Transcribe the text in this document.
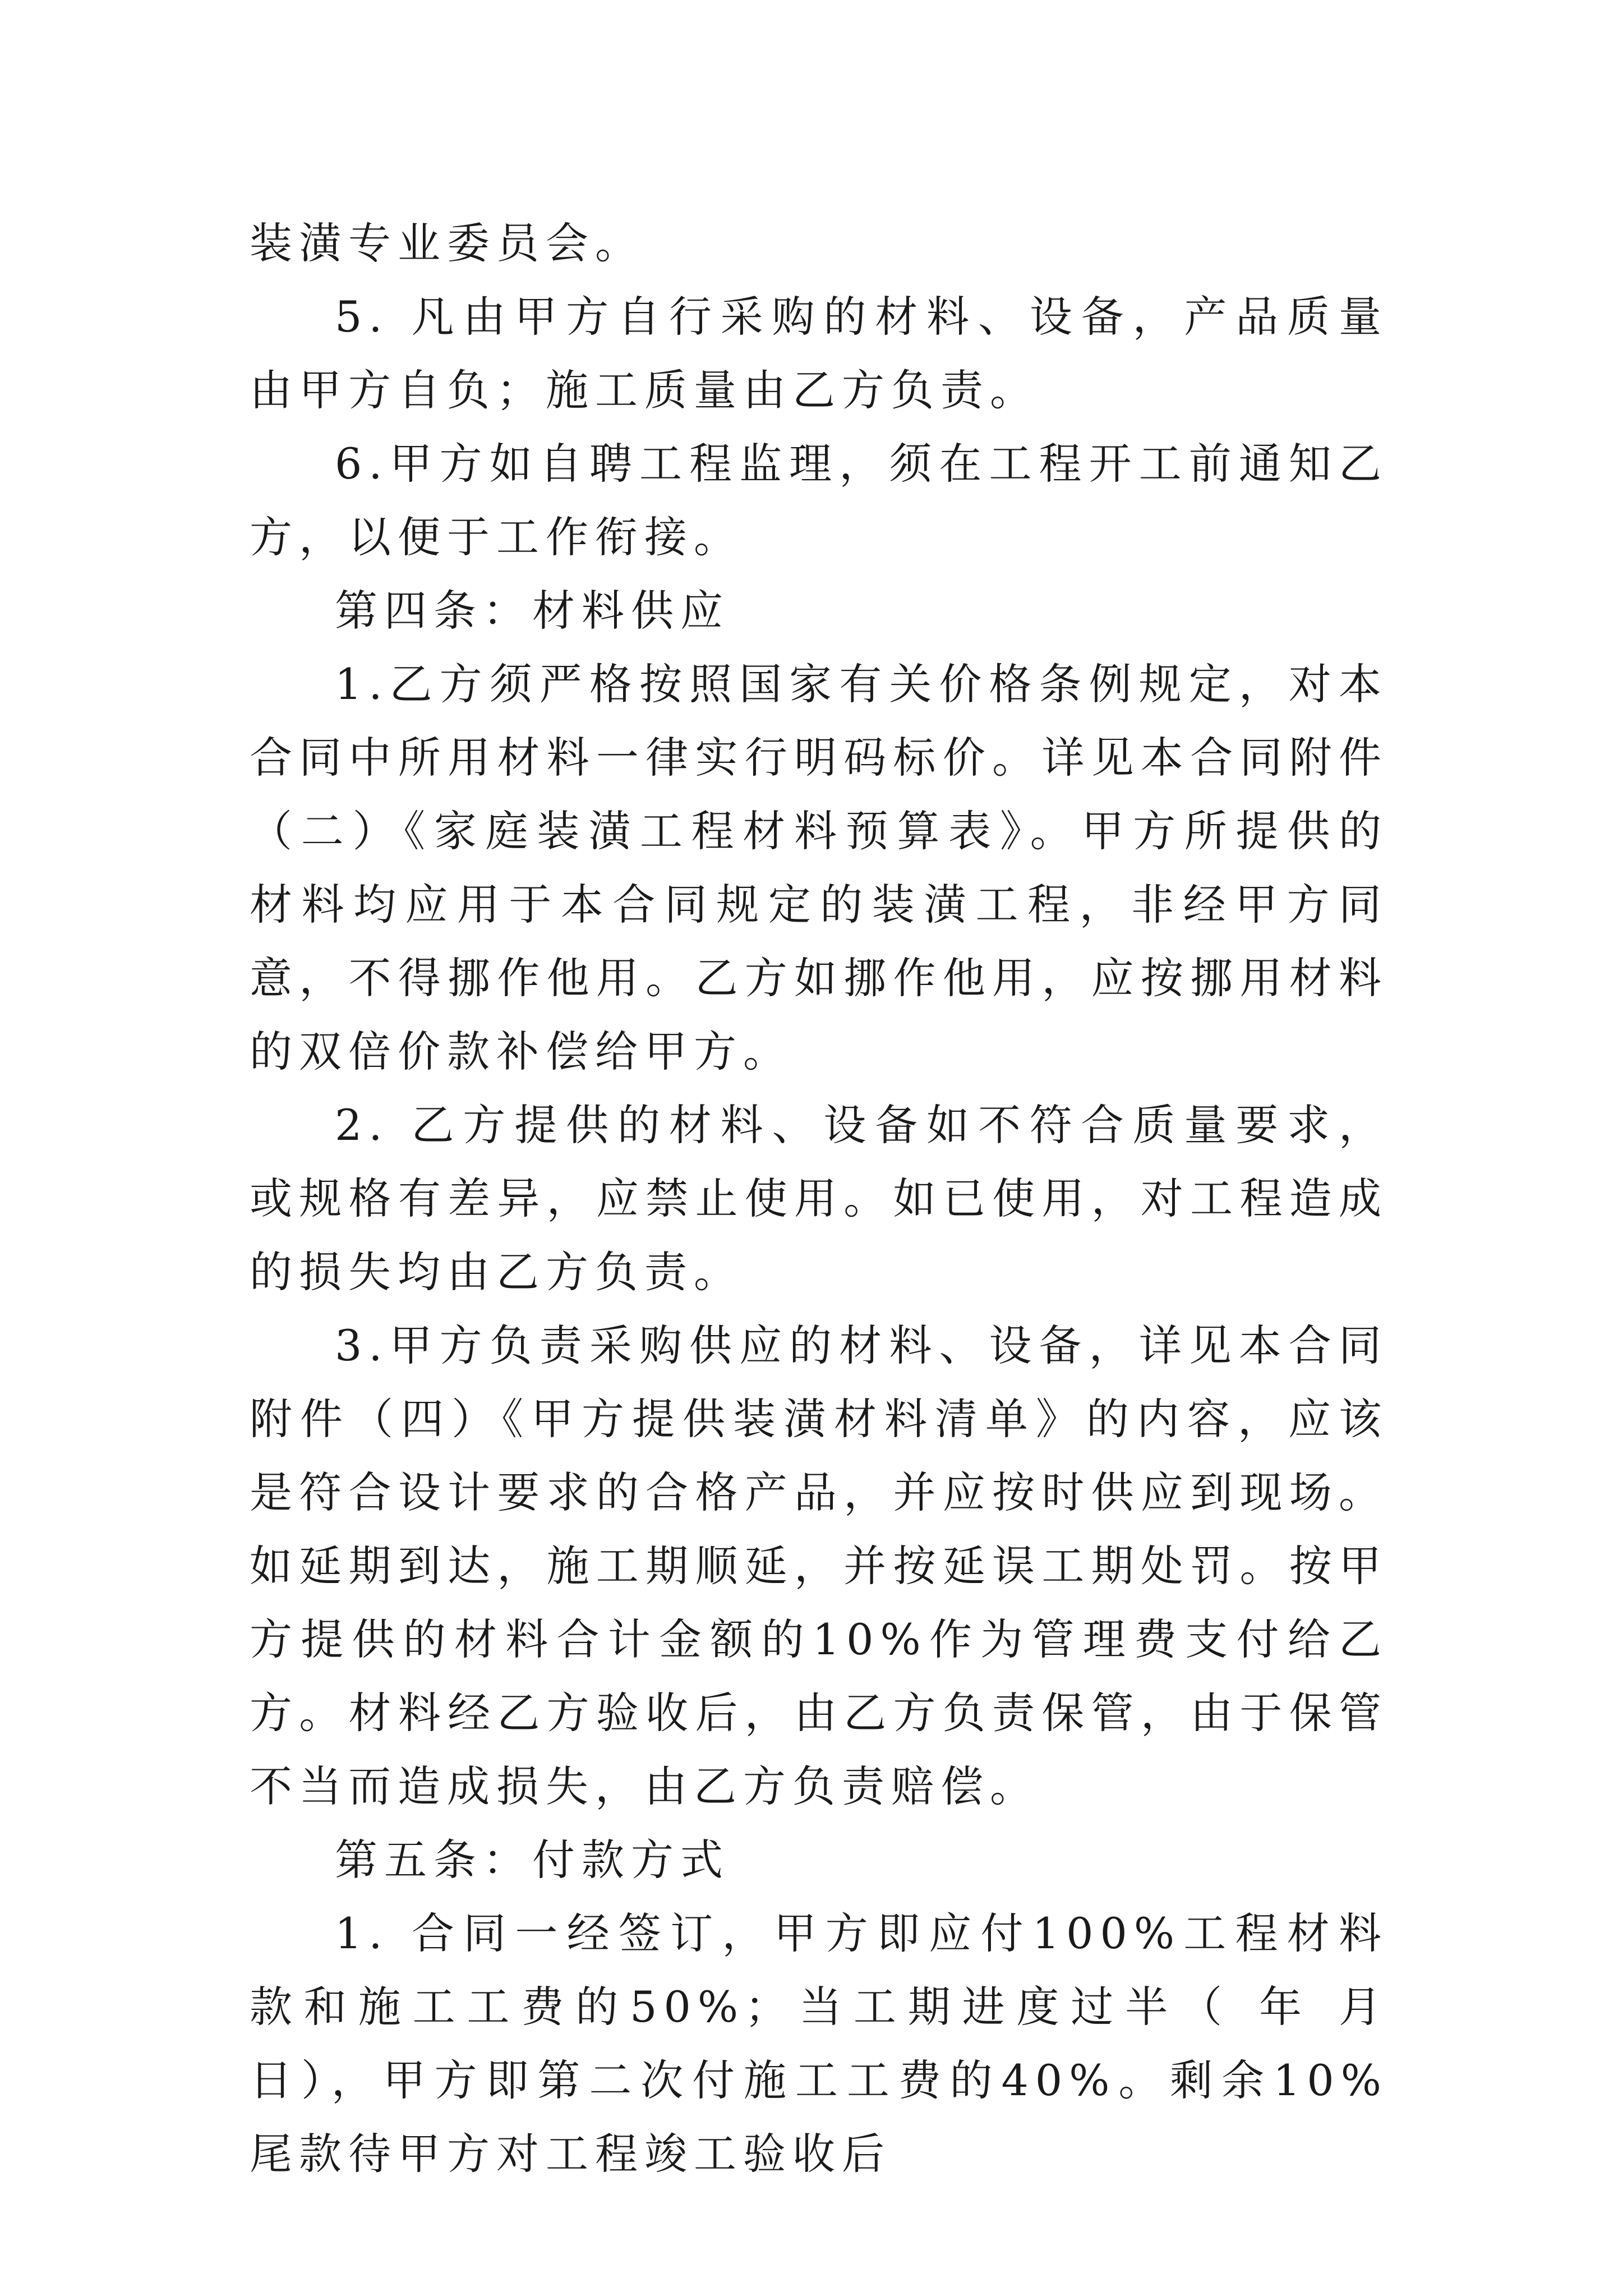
装潢专业委员会。

5. 凡由甲方自行采购的材料、设备，产品质量由甲方自负；施工质量由乙方负责。

6.甲方如自聘工程监理，须在工程开工前通知乙方，以便于工作衔接。

第四条：材料供应

1.乙方须严格按照国家有关价格条例规定，对本合同中所用材料一律实行明码标价。详见本合同附件（二）《家庭装潢工程材料预算表》。甲方所提供的材料均应用于本合同规定的装潢工程，非经甲方同意，不得挪作他用。乙方如挪作他用，应按挪用材料的双倍价款补偿给甲方。

2. 乙方提供的材料、设备如不符合质量要求，或规格有差异，应禁止使用。如已使用，对工程造成的损失均由乙方负责。

3.甲方负责采购供应的材料、设备，详见本合同附件（四）《甲方提供装潢材料清单》的内容，应该是符合设计要求的合格产品，并应按时供应到现场。如延期到达，施工期顺延，并按延误工期处罚。按甲方提供的材料合计金额的10%作为管理费支付给乙方。材料经乙方验收后，由乙方负责保管，由于保管不当而造成损失，由乙方负责赔偿。

第五条：付款方式

1. 合同一经签订，甲方即应付100%工程材料款和施工工费的50%；当工期进度过半（ 年 月 日），甲方即第二次付施工工费的40%。剩余10%尾款待甲方对工程竣工验收后
